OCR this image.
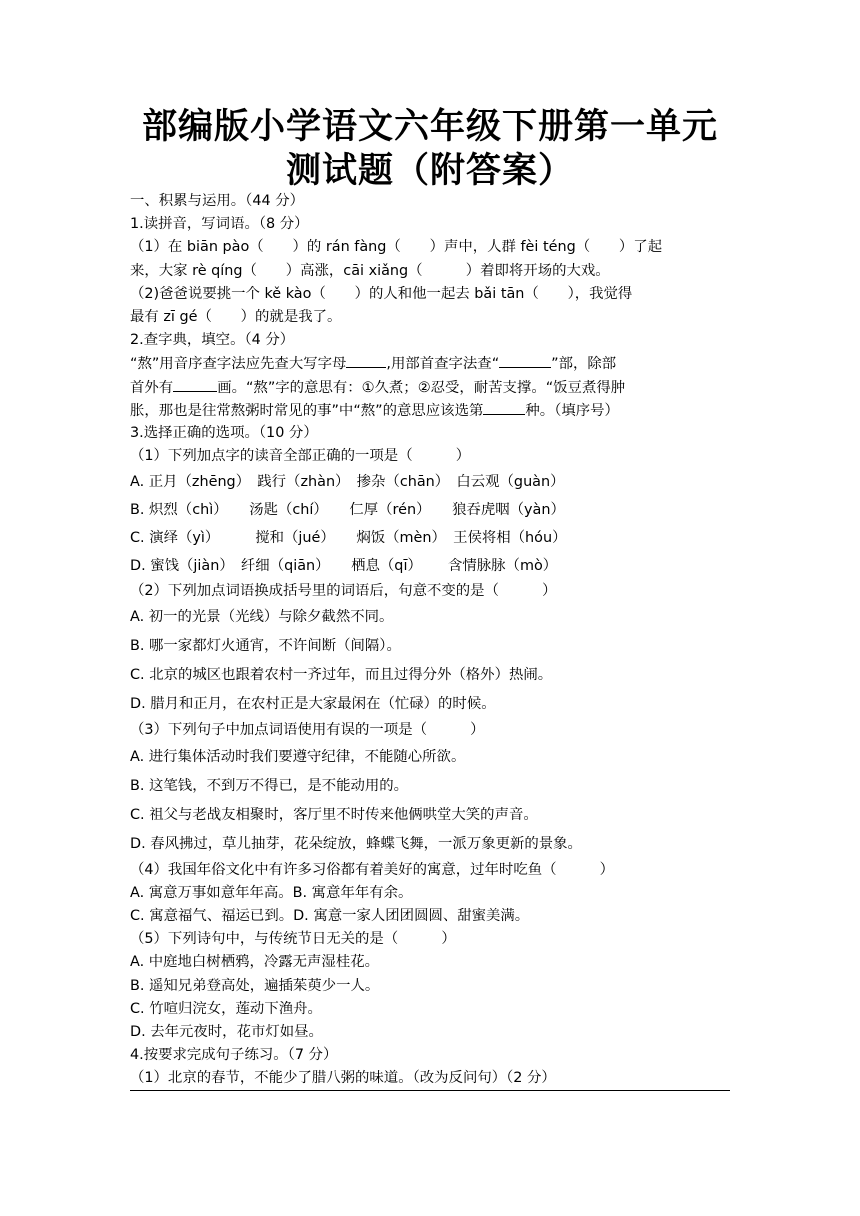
部编版小学语文六年级下册第一单元
测试题（附答案）
一、积累与运用。（44 分）
1.读拼音，写词语。（8 分）
（1）在 biān pào（　　）的 rán fàng（　　）声中，人群 fèi téng（　　）了起
来，大家 rè qíng（　　）高涨，cāi xiǎng（　　　）着即将开场的大戏。
（2)爸爸说要挑一个 kě kào（　　）的人和他一起去 bǎi tān（　　），我觉得
最有 zī gé（　　）的就是我了。
2.查字典，填空。（4 分）
“熬”用音序查字法应先查大写字母	,用部首查字法查“	”部，除部
首外有	画。“熬”字的意思有：①久煮；②忍受，耐苦支撑。“饭豆煮得肿
胀，那也是往常熬粥时常见的事”中“熬”的意思应该选第	种。（填序号）
3.选择正确的选项。（10 分）
（1）下列加点字的读音全部正确的一项是（　　　）
A. 正月（zhēng）　践行（zhàn）　掺杂（chān）　白云观（guàn）
B. 炽烈（chì）　　汤匙（chí）　　仁厚（rén）　　狼吞虎咽（yàn）
C. 演绎（yì）　　　搅和（jué）　　焖饭（mèn）　王侯将相（hóu）
D. 蜜饯（jiàn）　纤细（qiān）　　栖息（qī）　　 含情脉脉（mò）
（2）下列加点词语换成括号里的词语后，句意不变的是（　　　）
A. 初一的光景（光线）与除夕截然不同。
B. 哪一家都灯火通宵，不许间断（间隔）。
C. 北京的城区也跟着农村一齐过年，而且过得分外（格外）热闹。
D. 腊月和正月，在农村正是大家最闲在（忙碌）的时候。
（3）下列句子中加点词语使用有误的一项是（　　　）
A. 进行集体活动时我们要遵守纪律，不能随心所欲。
B. 这笔钱，不到万不得已，是不能动用的。
C. 祖父与老战友相聚时，客厅里不时传来他俩哄堂大笑的声音。
D. 春风拂过，草儿抽芽，花朵绽放，蜂蝶飞舞，一派万象更新的景象。
（4）我国年俗文化中有许多习俗都有着美好的寓意，过年时吃鱼（　　　）
A. 寓意万事如意年年高。B. 寓意年年有余。
C. 寓意福气、福运已到。D. 寓意一家人团团圆圆、甜蜜美满。
（5）下列诗句中，与传统节日无关的是（　　　）
A. 中庭地白树栖鸦，冷露无声湿桂花。
B. 遥知兄弟登高处，遍插茱萸少一人。
C. 竹喧归浣女，莲动下渔舟。
D. 去年元夜时，花市灯如昼。
4.按要求完成句子练习。（7 分）
（1）北京的春节，不能少了腊八粥的味道。（改为反问句）（2 分）
